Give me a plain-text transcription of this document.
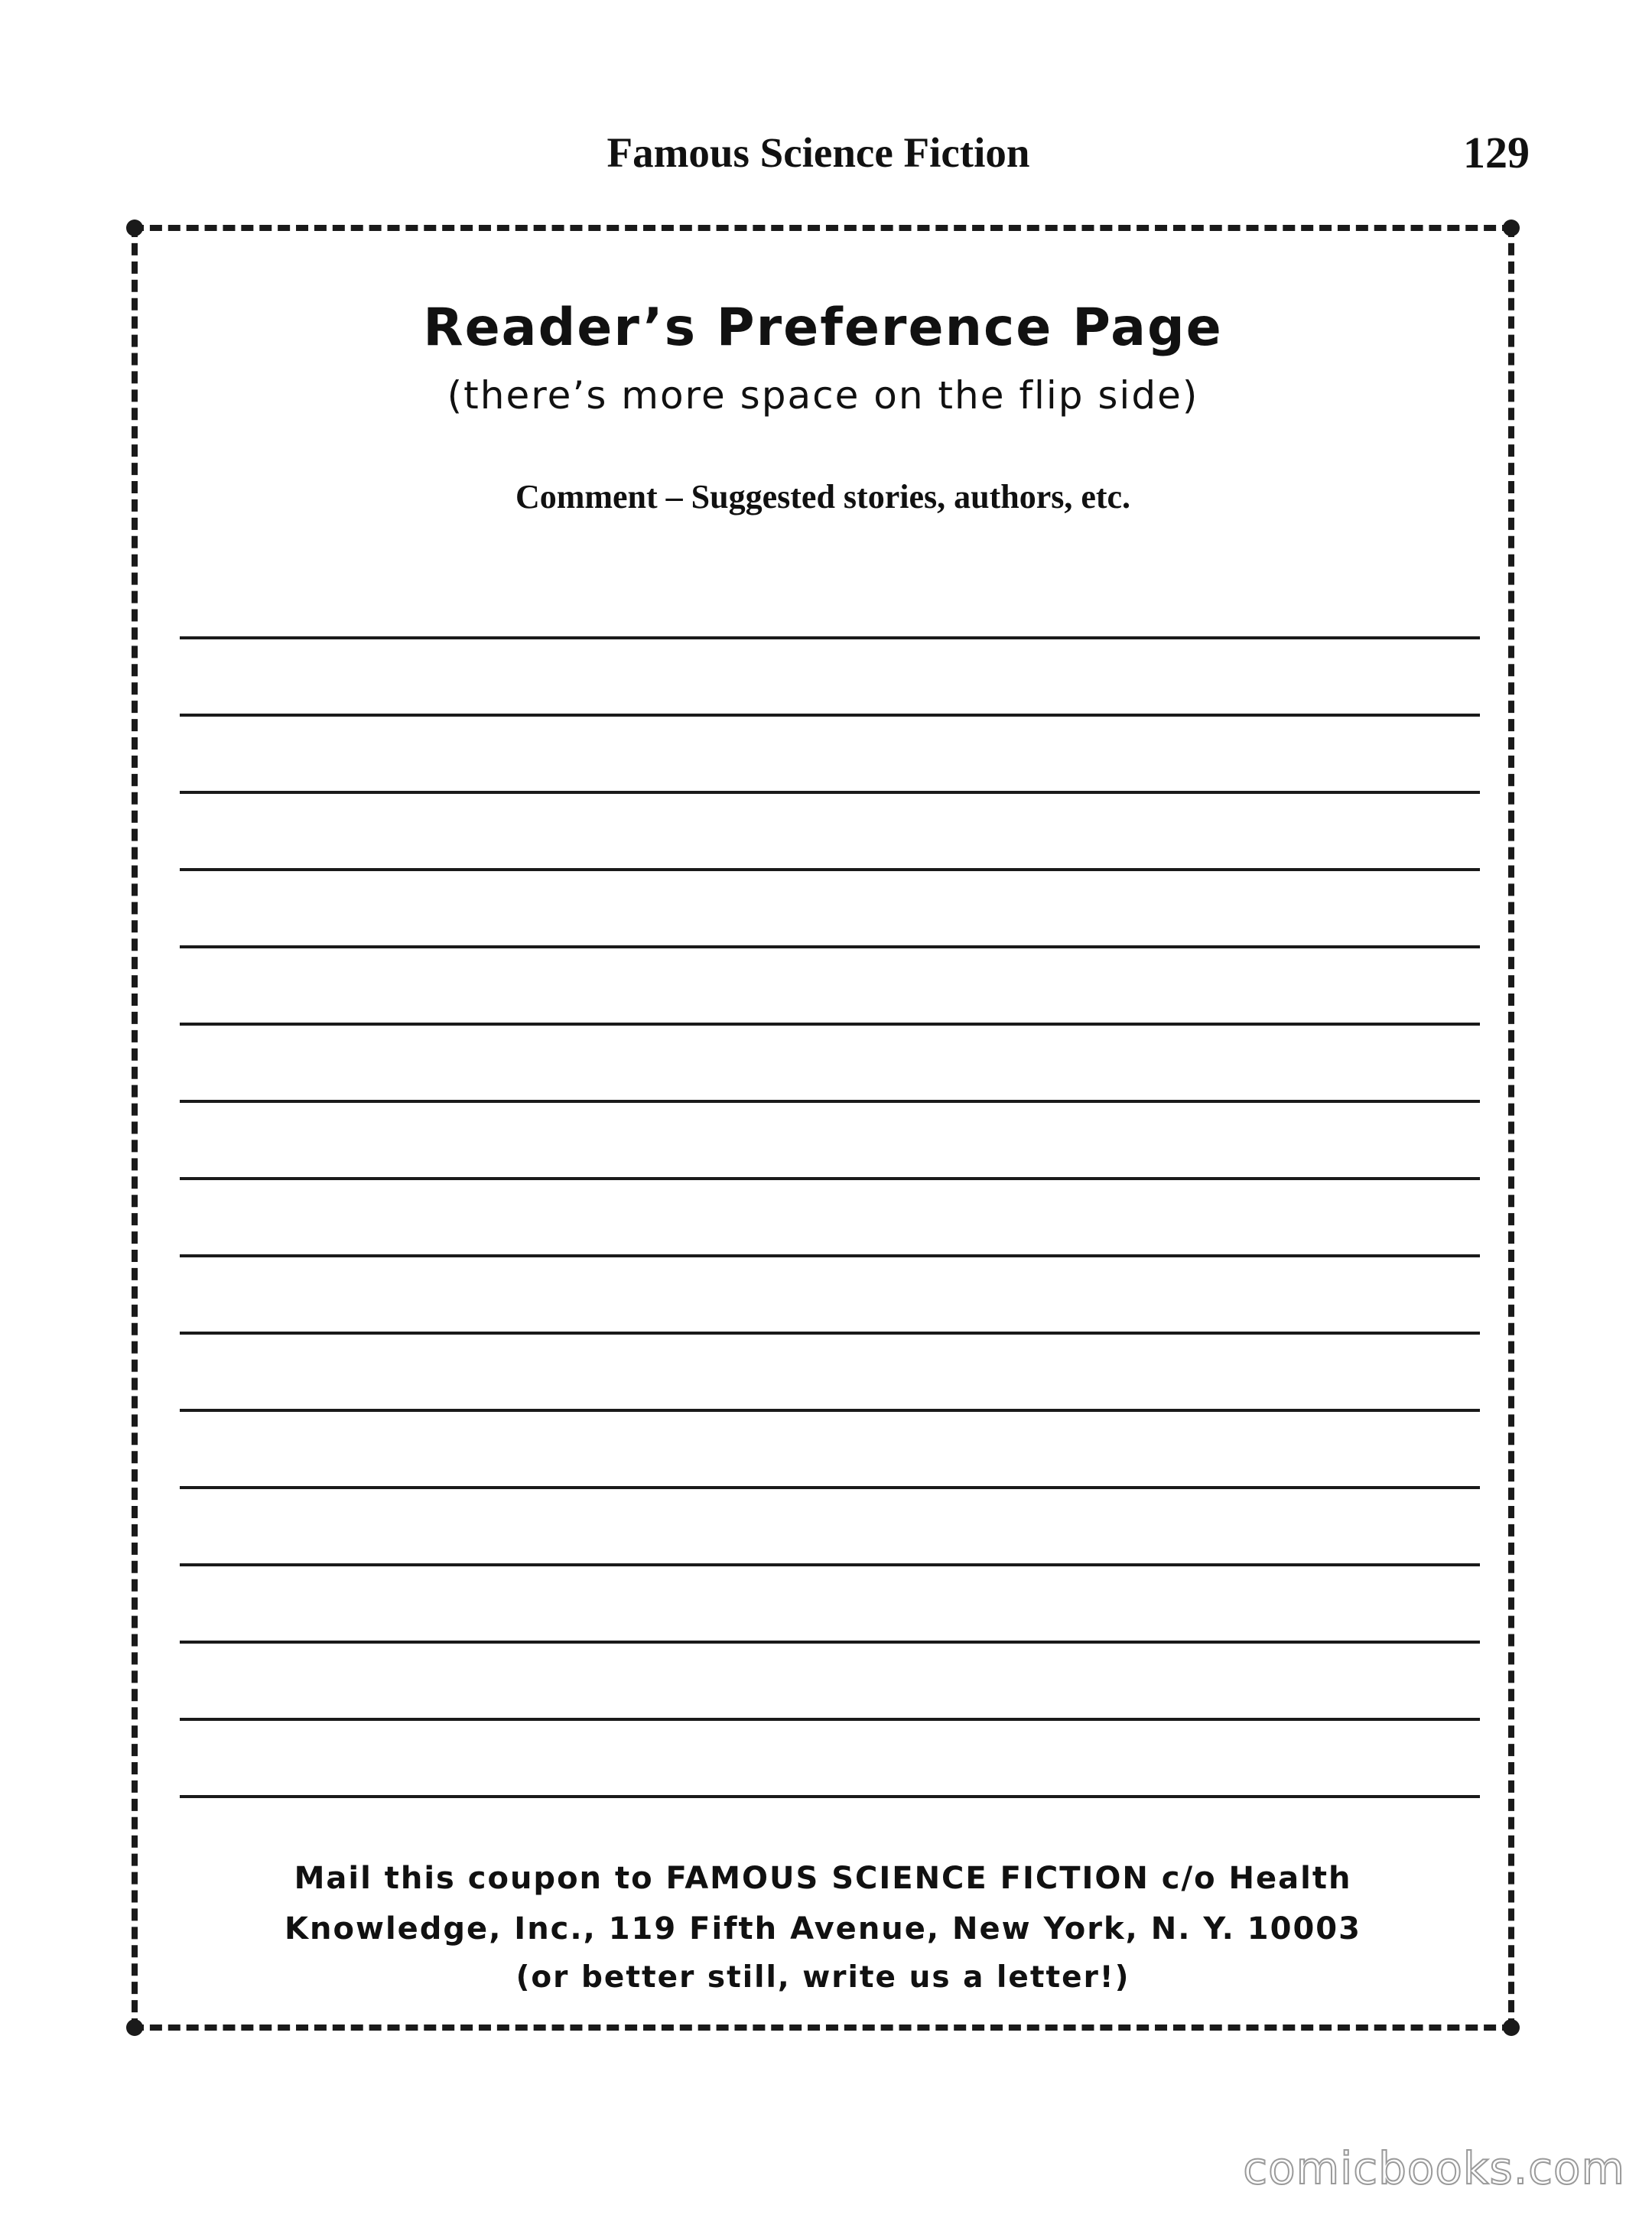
Famous Science Fiction	129
Reader’s Preference Page
(there’s more space on the flip side)
Comment – Suggested stories, authors, etc.
Mail this coupon to FAMOUS SCIENCE FICTION c/o Health
Knowledge, Inc., 119 Fifth Avenue, New York, N. Y. 10003
(or better still, write us a letter!)
comicbooks.com
